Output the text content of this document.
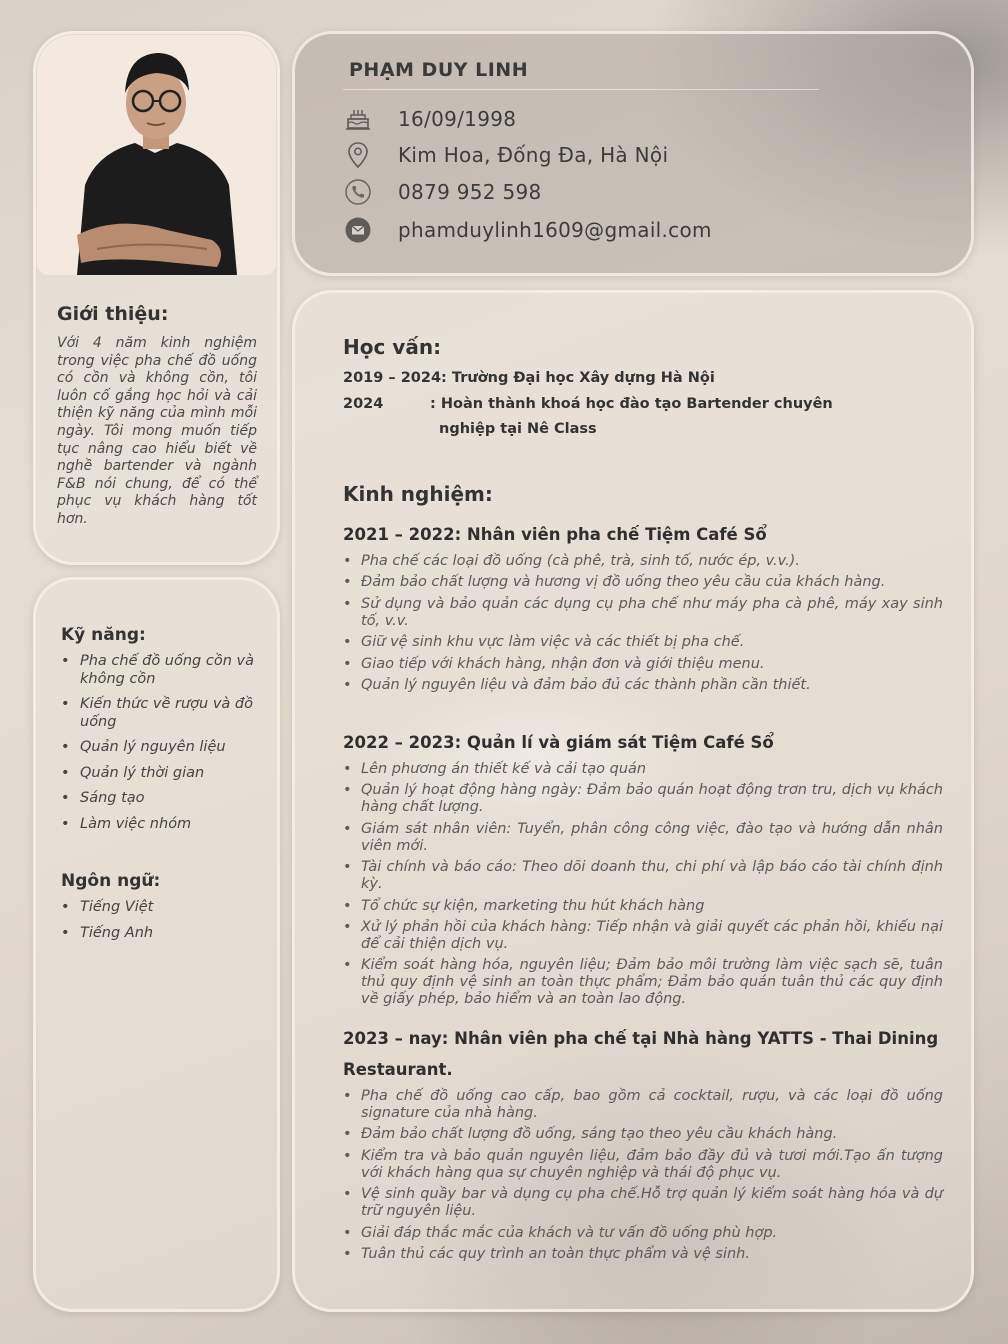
Giới thiệu:
Với 4 năm kinh nghiệm trong việc pha chế đồ uống có cồn và không cồn, tôi luôn cố gắng học hỏi và cải thiện kỹ năng của mình mỗi ngày. Tôi mong muốn tiếp tục nâng cao hiểu biết về nghề bartender và ngành F&B nói chung, để có thể phục vụ khách hàng tốt hơn.
Kỹ năng:
• Pha chế đồ uống cồn và không cồn
• Kiến thức về rượu và đồ uống
• Quản lý nguyên liệu
• Quản lý thời gian
• Sáng tạo
• Làm việc nhóm
Ngôn ngữ:
• Tiếng Việt
• Tiếng Anh
PHẠM DUY LINH
16/09/1998
Kim Hoa, Đống Đa, Hà Nội
0879 952 598
phamduylinh1609@gmail.com
Học vấn:
2019 – 2024: Trường Đại học Xây dựng Hà Nội
2024	: Hoàn thành khoá học đào tạo Bartender chuyên
nghiệp tại Nê Class
Kinh nghiệm:
2021 – 2022: Nhân viên pha chế Tiệm Café Sổ
• Pha chế các loại đồ uống (cà phê, trà, sinh tố, nước ép, v.v.).
• Đảm bảo chất lượng và hương vị đồ uống theo yêu cầu của khách hàng.
• Sử dụng và bảo quản các dụng cụ pha chế như máy pha cà phê, máy xay sinh tố, v.v.
• Giữ vệ sinh khu vực làm việc và các thiết bị pha chế.
• Giao tiếp với khách hàng, nhận đơn và giới thiệu menu.
• Quản lý nguyên liệu và đảm bảo đủ các thành phần cần thiết.
2022 – 2023: Quản lí và giám sát Tiệm Café Sổ
• Lên phương án thiết kế và cải tạo quán
• Quản lý hoạt động hàng ngày: Đảm bảo quán hoạt động trơn tru, dịch vụ khách hàng chất lượng.
• Giám sát nhân viên: Tuyển, phân công công việc, đào tạo và hướng dẫn nhân viên mới.
• Tài chính và báo cáo: Theo dõi doanh thu, chi phí và lập báo cáo tài chính định kỳ.
• Tổ chức sự kiện, marketing thu hút khách hàng
• Xử lý phản hồi của khách hàng: Tiếp nhận và giải quyết các phản hồi, khiếu nại để cải thiện dịch vụ.
• Kiểm soát hàng hóa, nguyên liệu; Đảm bảo môi trường làm việc sạch sẽ, tuân thủ quy định vệ sinh an toàn thực phẩm; Đảm bảo quán tuân thủ các quy định về giấy phép, bảo hiểm và an toàn lao động.
2023 – nay: Nhân viên pha chế tại Nhà hàng YATTS - Thai Dining
Restaurant.
• Pha chế đồ uống cao cấp, bao gồm cả cocktail, rượu, và các loại đồ uống signature của nhà hàng.
• Đảm bảo chất lượng đồ uống, sáng tạo theo yêu cầu khách hàng.
• Kiểm tra và bảo quản nguyên liệu, đảm bảo đầy đủ và tươi mới.Tạo ấn tượng với khách hàng qua sự chuyên nghiệp và thái độ phục vụ.
• Vệ sinh quầy bar và dụng cụ pha chế.Hỗ trợ quản lý kiểm soát hàng hóa và dự trữ nguyên liệu.
• Giải đáp thắc mắc của khách và tư vấn đồ uống phù hợp.
• Tuân thủ các quy trình an toàn thực phẩm và vệ sinh.
